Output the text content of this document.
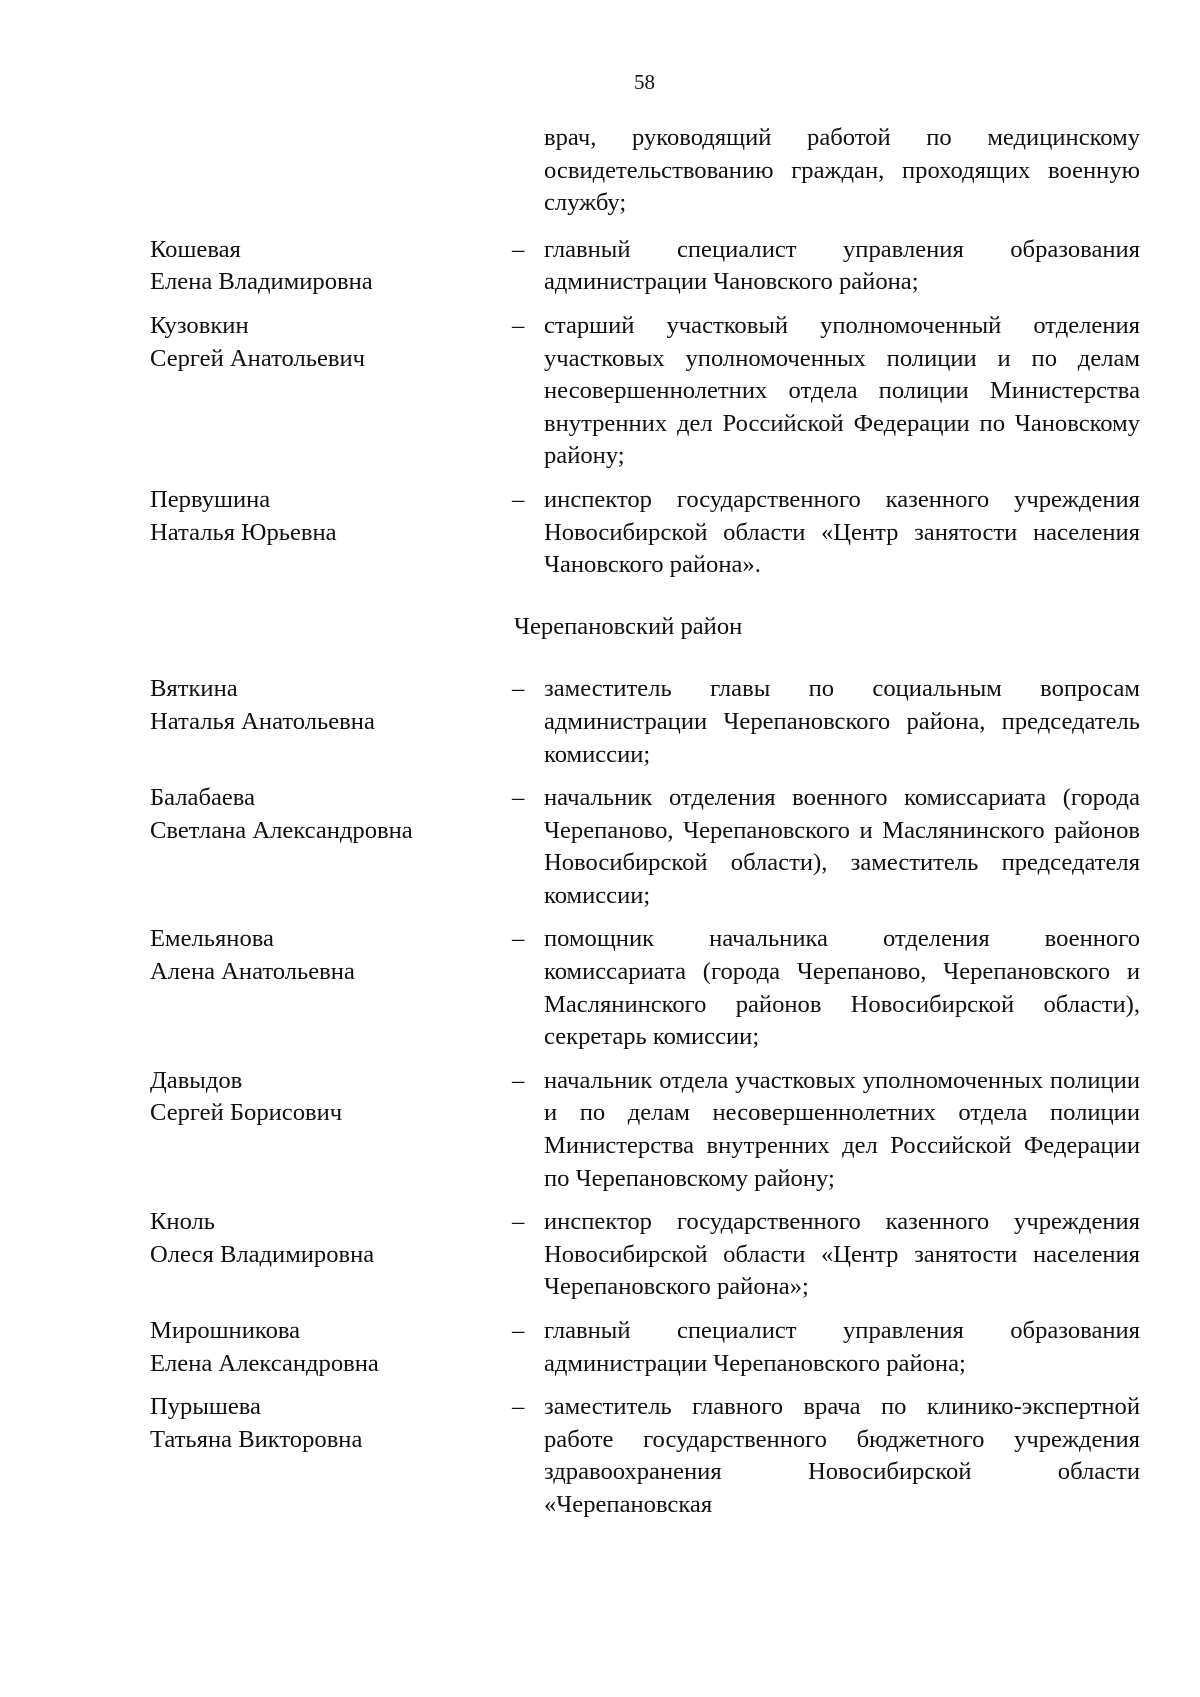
58
врач, руководящий работой по медицинскому освидетельствованию граждан, проходящих военную службу;
Кошевая
Елена Владимировна
– главный специалист управления образования администрации Чановского района;
Кузовкин
Сергей Анатольевич
– старший участковый уполномоченный отделения участковых уполномоченных полиции и по делам несовершеннолетних отдела полиции Министерства внутренних дел Российской Федерации по Чановскому району;
Первушина
Наталья Юрьевна
– инспектор государственного казенного учреждения Новосибирской области «Центр занятости населения Чановского района».
Черепановский район
Вяткина
Наталья Анатольевна
– заместитель главы по социальным вопросам администрации Черепановского района, председатель комиссии;
Балабаева
Светлана Александровна
– начальник отделения военного комиссариата (города Черепаново, Черепановского и Маслянинского районов Новосибирской области), заместитель председателя комиссии;
Емельянова
Алена Анатольевна
– помощник начальника отделения военного комиссариата (города Черепаново, Черепановского и Маслянинского районов Новосибирской области), секретарь комиссии;
Давыдов
Сергей Борисович
– начальник отдела участковых уполномоченных полиции и по делам несовершеннолетних отдела полиции Министерства внутренних дел Российской Федерации по Черепановскому району;
Кноль
Олеся Владимировна
– инспектор государственного казенного учреждения Новосибирской области «Центр занятости населения Черепановского района»;
Мирошникова
Елена Александровна
– главный специалист управления образования администрации Черепановского района;
Пурышева
Татьяна Викторовна
– заместитель главного врача по клинико-экспертной работе государственного бюджетного учреждения здравоохранения Новосибирской области «Черепановская
